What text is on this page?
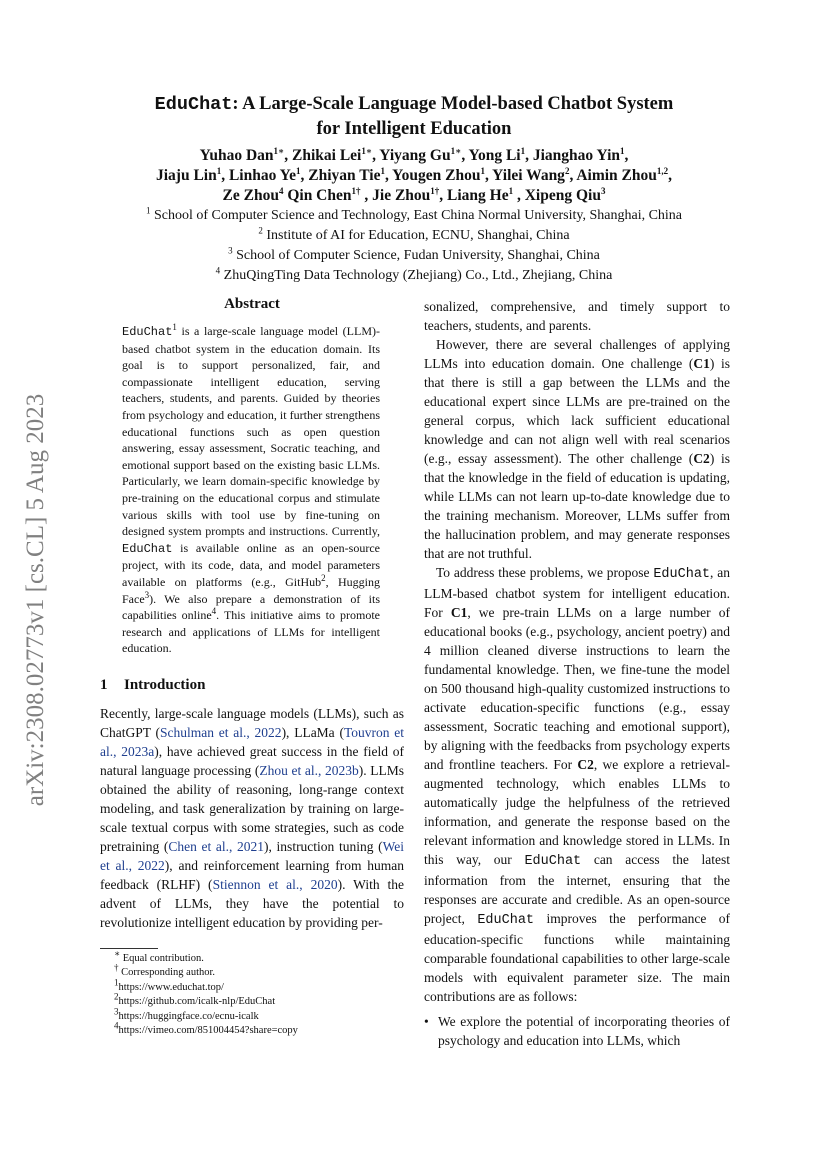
arXiv:2308.02773v1 [cs.CL] 5 Aug 2023
EduChat: A Large-Scale Language Model-based Chatbot System
for Intelligent Education
Yuhao Dan$^{1∗}$, Zhikai Lei$^{1∗}$, Yiyang $Gu^{1∗}$, Yong Li$^1$, Jianghao Yin$^1$,
Jiaju Lin$^1$, Linhao Ye$^1$, Zhiyan Tie$^1$, Yougen Zhou$^1$, Yilei Wang$^2$, Aimin Zhou$^{1,2}$,
Ze Zhou$^4$ Qin Chen$^{1\dagger}$ , Jie Zhou$^{1\dagger}$, Liang He$^1$ , Xipeng Qiu$^3$
$^1$ School of Computer Science and Technology, East China Normal University, Shanghai, China
$^2$ Institute of AI for Education, ECNU, Shanghai, China
$^3$ School of Computer Science, Fudan University, Shanghai, China
$^4$ ZhuQingTing Data Technology (Zhejiang) Co., Ltd., Zhejiang, China
Abstract
EduChat$^1$ is a large-scale language model (LLM)-based chatbot system in the education domain. Its goal is to support personalized, fair, and compassionate intelligent education, serving teachers, students, and parents. Guided by theories from psychology and education, it further strengthens educational functions such as open question answering, essay assessment, Socratic teaching, and emotional support based on the existing basic LLMs. Particularly, we learn domain-specific knowledge by pre-training on the educational corpus and stimulate various skills with tool use by fine-tuning on designed system prompts and instructions. Currently, EduChat is available online as an open-source project, with its code, data, and model parameters available on platforms (e.g., GitHub$^2$, Hugging Face$^3$). We also prepare a demonstration of its capabilities online$^4$. This initiative aims to promote research and applications of LLMs for intelligent education.
1 Introduction

Recently, large-scale language models (LLMs), such as ChatGPT (Schulman et al., 2022), LLaMa (Touvron et al., 2023a), have achieved great success in the field of natural language processing (Zhou et al., 2023b). LLMs obtained the ability of reasoning, long-range context modeling, and task generalization by training on large-scale textual corpus with some strategies, such as code pretraining (Chen et al., 2021), instruction tuning (Wei et al., 2022), and reinforcement learning from human feedback (RLHF) (Stiennon et al., 2020). With the advent of LLMs, they have the potential to revolutionize intelligent education by providing per-

∗ Equal contribution.
† Corresponding author.
$^1$https://www.educhat.top/
$^2$https://github.com/icalk-nlp/EduChat
$^3$https://huggingface.co/ecnu-icalk
$^4$https://vimeo.com/851004454?share=copy

sonalized, comprehensive, and timely support to teachers, students, and parents.

However, there are several challenges of applying LLMs into education domain. One challenge (C1) is that there is still a gap between the LLMs and the educational expert since LLMs are pre-trained on the general corpus, which lack sufficient educational knowledge and can not align well with real scenarios (e.g., essay assessment). The other challenge (C2) is that the knowledge in the field of education is updating, while LLMs can not learn up-to-date knowledge due to the training mechanism. Moreover, LLMs suffer from the hallucination problem, and may generate responses that are not truthful.

To address these problems, we propose EduChat, an LLM-based chatbot system for intelligent education. For C1, we pre-train LLMs on a large number of educational books (e.g., psychology, ancient poetry) and 4 million cleaned diverse instructions to learn the fundamental knowledge. Then, we fine-tune the model on 500 thousand high-quality customized instructions to activate education-specific functions (e.g., essay assessment, Socratic teaching and emotional support), by aligning with the feedbacks from psychology experts and frontline teachers. For C2, we explore a retrieval-augmented technology, which enables LLMs to automatically judge the helpfulness of the retrieved information, and generate the response based on the relevant information and knowledge stored in LLMs. In this way, our EduChat can access the latest information from the internet, ensuring that the responses are accurate and credible. As an open-source project, EduChat improves the performance of education-specific functions while maintaining comparable foundational capabilities to other large-scale models with equivalent parameter size. The main contributions are as follows:

• We explore the potential of incorporating theories of psychology and education into LLMs, which
